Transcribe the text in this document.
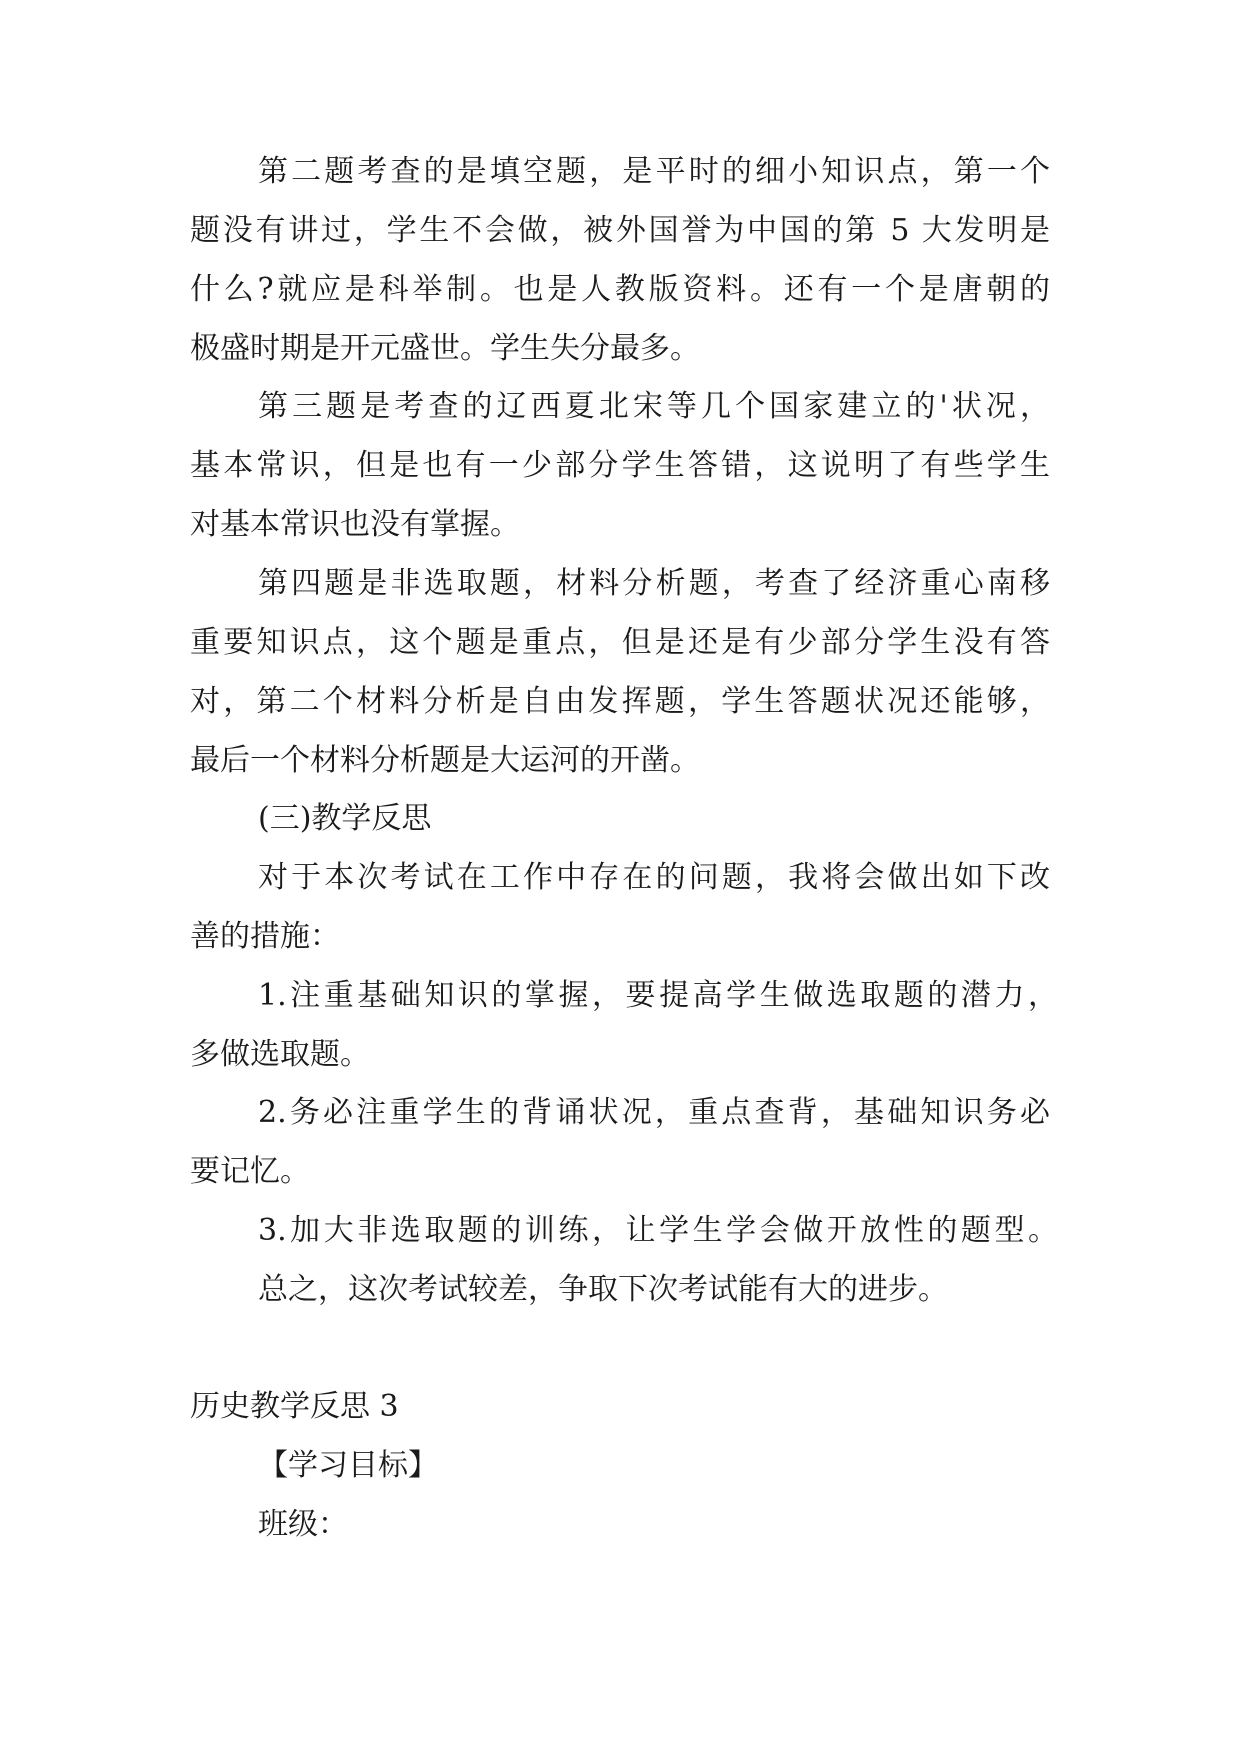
第二题考查的是填空题，是平时的细小知识点，第一个
题没有讲过，学生不会做，被外国誉为中国的第 5 大发明是
什么?就应是科举制。也是人教版资料。还有一个是唐朝的
极盛时期是开元盛世。学生失分最多。
第三题是考查的辽西夏北宋等几个国家建立的'状况，
基本常识，但是也有一少部分学生答错，这说明了有些学生
对基本常识也没有掌握。
第四题是非选取题，材料分析题，考查了经济重心南移
重要知识点，这个题是重点，但是还是有少部分学生没有答
对，第二个材料分析是自由发挥题，学生答题状况还能够，
最后一个材料分析题是大运河的开凿。
(三)教学反思
对于本次考试在工作中存在的问题，我将会做出如下改
善的措施：
1.注重基础知识的掌握，要提高学生做选取题的潜力，
多做选取题。
2.务必注重学生的背诵状况，重点查背，基础知识务必
要记忆。
3.加大非选取题的训练，让学生学会做开放性的题型。
总之，这次考试较差，争取下次考试能有大的进步。
历史教学反思 3
【学习目标】
班级：
